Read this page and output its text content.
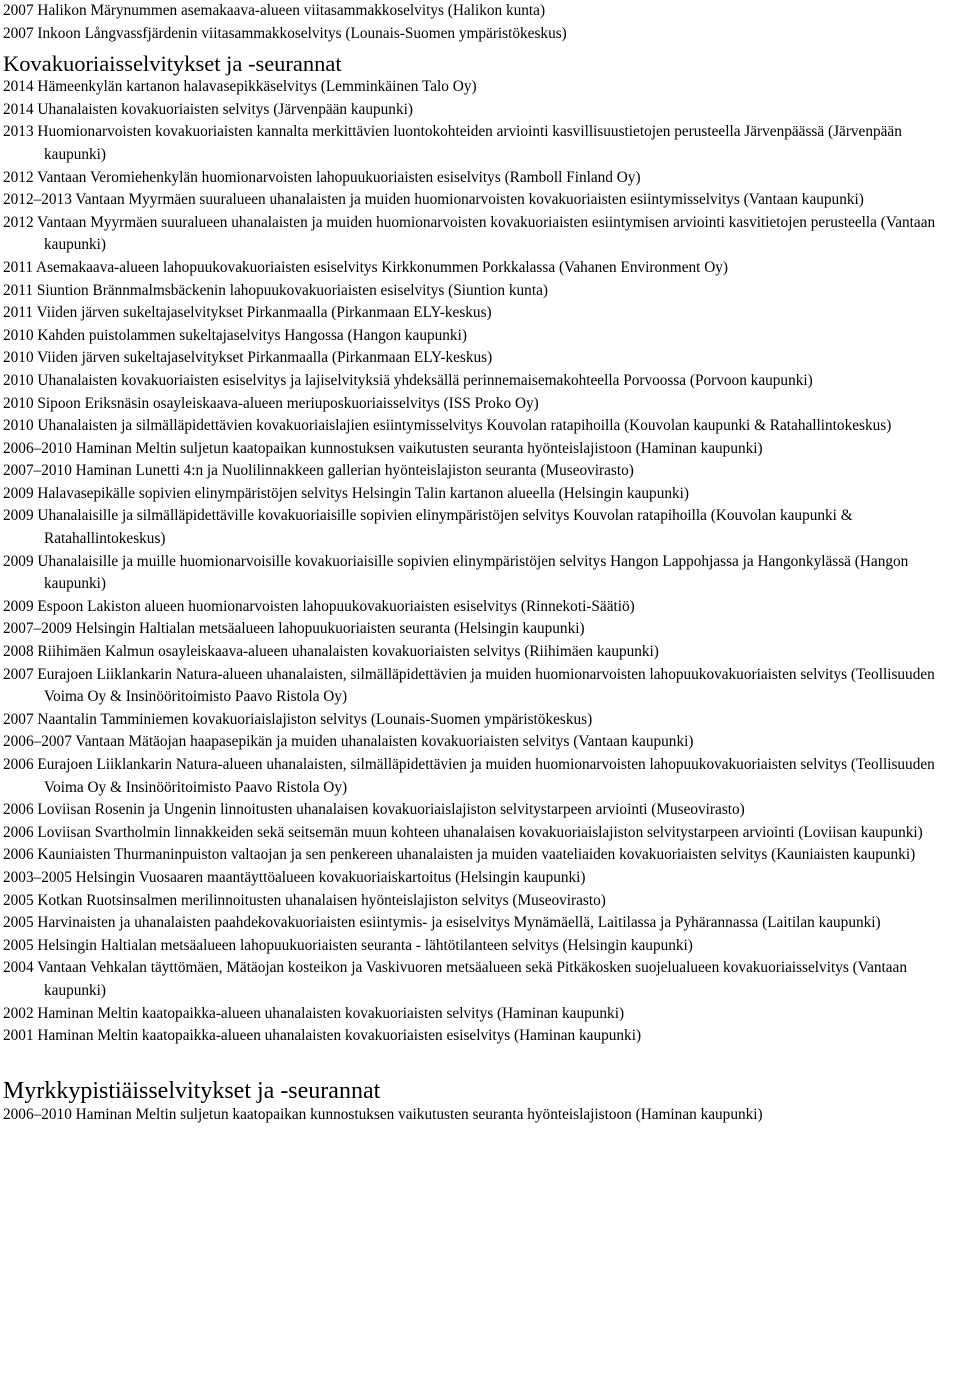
2007 Halikon Märynummen asemakaava-alueen viitasammakkoselvitys (Halikon kunta)
2007 Inkoon Långvassfjärdenin viitasammakkoselvitys (Lounais-Suomen ympäristökeskus)
Kovakuoriaisselvitykset ja -seurannat
2014 Hämeenkylän kartanon halavasepikkäselvitys (Lemminkäinen Talo Oy)
2014 Uhanalaisten kovakuoriaisten selvitys (Järvenpään kaupunki)
2013 Huomionarvoisten kovakuoriaisten kannalta merkittävien luontokohteiden arviointi kasvillisuustietojen perusteella Järvenpäässä (Järvenpään kaupunki)
2012 Vantaan Veromiehenkylän huomionarvoisten lahopuukuoriaisten esiselvitys (Ramboll Finland Oy)
2012–2013 Vantaan Myyrmäen suuralueen uhanalaisten ja muiden huomionarvoisten kovakuoriaisten esiintymisselvitys (Vantaan kaupunki)
2012 Vantaan Myyrmäen suuralueen uhanalaisten ja muiden huomionarvoisten kovakuoriaisten esiintymisen arviointi kasvitietojen perusteella (Vantaan kaupunki)
2011 Asemakaava-alueen lahopuukovakuoriaisten esiselvitys Kirkkonummen Porkkalassa (Vahanen Environment Oy)
2011 Siuntion Brännmalmsbäckenin lahopuukovakuoriaisten esiselvitys (Siuntion kunta)
2011 Viiden järven sukeltajaselvitykset Pirkanmaalla (Pirkanmaan ELY-keskus)
2010 Kahden puistolammen sukeltajaselvitys Hangossa (Hangon kaupunki)
2010 Viiden järven sukeltajaselvitykset Pirkanmaalla (Pirkanmaan ELY-keskus)
2010 Uhanalaisten kovakuoriaisten esiselvitys ja lajiselvityksiä yhdeksällä perinnemaisemakohteella Porvoossa (Porvoon kaupunki)
2010 Sipoon Eriksnäsin osayleiskaava-alueen meriuposkuoriaisselvitys (ISS Proko Oy)
2010 Uhanalaisten ja silmälläpidettävien kovakuoriaislajien esiintymisselvitys Kouvolan ratapihoilla (Kouvolan kaupunki & Ratahallintokeskus)
2006–2010 Haminan Meltin suljetun kaatopaikan kunnostuksen vaikutusten seuranta hyönteislajistoon (Haminan kaupunki)
2007–2010 Haminan Lunetti 4:n ja Nuolilinnakkeen gallerian hyönteislajiston seuranta (Museovirasto)
2009 Halavasepikälle sopivien elinympäristöjen selvitys Helsingin Talin kartanon alueella (Helsingin kaupunki)
2009 Uhanalaisille ja silmälläpidettäville kovakuoriaisille sopivien elinympäristöjen selvitys Kouvolan ratapihoilla (Kouvolan kaupunki & Ratahallintokeskus)
2009 Uhanalaisille ja muille huomionarvoisille kovakuoriaisille sopivien elinympäristöjen selvitys Hangon Lappohjassa ja Hangonkylässä (Hangon kaupunki)
2009 Espoon Lakiston alueen huomionarvoisten lahopuukovakuoriaisten esiselvitys (Rinnekoti-Säätiö)
2007–2009 Helsingin Haltialan metsäalueen lahopuukuoriaisten seuranta (Helsingin kaupunki)
2008 Riihimäen Kalmun osayleiskaava-alueen uhanalaisten kovakuoriaisten selvitys (Riihimäen kaupunki)
2007 Eurajoen Liiklankarin Natura-alueen uhanalaisten, silmälläpidettävien ja muiden huomionarvoisten lahopuukovakuoriaisten selvitys (Teollisuuden Voima Oy & Insinööritoimisto Paavo Ristola Oy)
2007 Naantalin Tamminiemen kovakuoriaislajiston selvitys (Lounais-Suomen ympäristökeskus)
2006–2007 Vantaan Mätäojan haapasepikän ja muiden uhanalaisten kovakuoriaisten selvitys (Vantaan kaupunki)
2006 Eurajoen Liiklankarin Natura-alueen uhanalaisten, silmälläpidettävien ja muiden huomionarvoisten lahopuukovakuoriaisten selvitys (Teollisuuden Voima Oy & Insinööritoimisto Paavo Ristola Oy)
2006 Loviisan Rosenin ja Ungenin linnoitusten uhanalaisen kovakuoriaislajiston selvitystarpeen arviointi (Museovirasto)
2006 Loviisan Svartholmin linnakkeiden sekä seitsemän muun kohteen uhanalaisen kovakuoriaislajiston selvitystarpeen arviointi (Loviisan kaupunki)
2006 Kauniaisten Thurmaninpuiston valtaojan ja sen penkereen uhanalaisten ja muiden vaateliaiden kovakuoriaisten selvitys (Kauniaisten kaupunki)
2003–2005 Helsingin Vuosaaren maantäyttöalueen kovakuoriaiskartoitus (Helsingin kaupunki)
2005 Kotkan Ruotsinsalmen merilinnoitusten uhanalaisen hyönteislajiston selvitys (Museovirasto)
2005 Harvinaisten ja uhanalaisten paahdekovakuoriaisten esiintymis- ja esiselvitys Mynämäellä, Laitilassa ja Pyhärannassa (Laitilan kaupunki)
2005 Helsingin Haltialan metsäalueen lahopuukuoriaisten seuranta - lähtötilanteen selvitys (Helsingin kaupunki)
2004 Vantaan Vehkalan täyttömäen, Mätäojan kosteikon ja Vaskivuoren metsäalueen sekä Pitkäkosken suojelualueen kovakuoriaisselvitys (Vantaan kaupunki)
2002 Haminan Meltin kaatopaikka-alueen uhanalaisten kovakuoriaisten selvitys (Haminan kaupunki)
2001 Haminan Meltin kaatopaikka-alueen uhanalaisten kovakuoriaisten esiselvitys (Haminan kaupunki)
Myrkkypistiäisselvitykset ja -seurannat
2006–2010 Haminan Meltin suljetun kaatopaikan kunnostuksen vaikutusten seuranta hyönteislajistoon (Haminan kaupunki)
